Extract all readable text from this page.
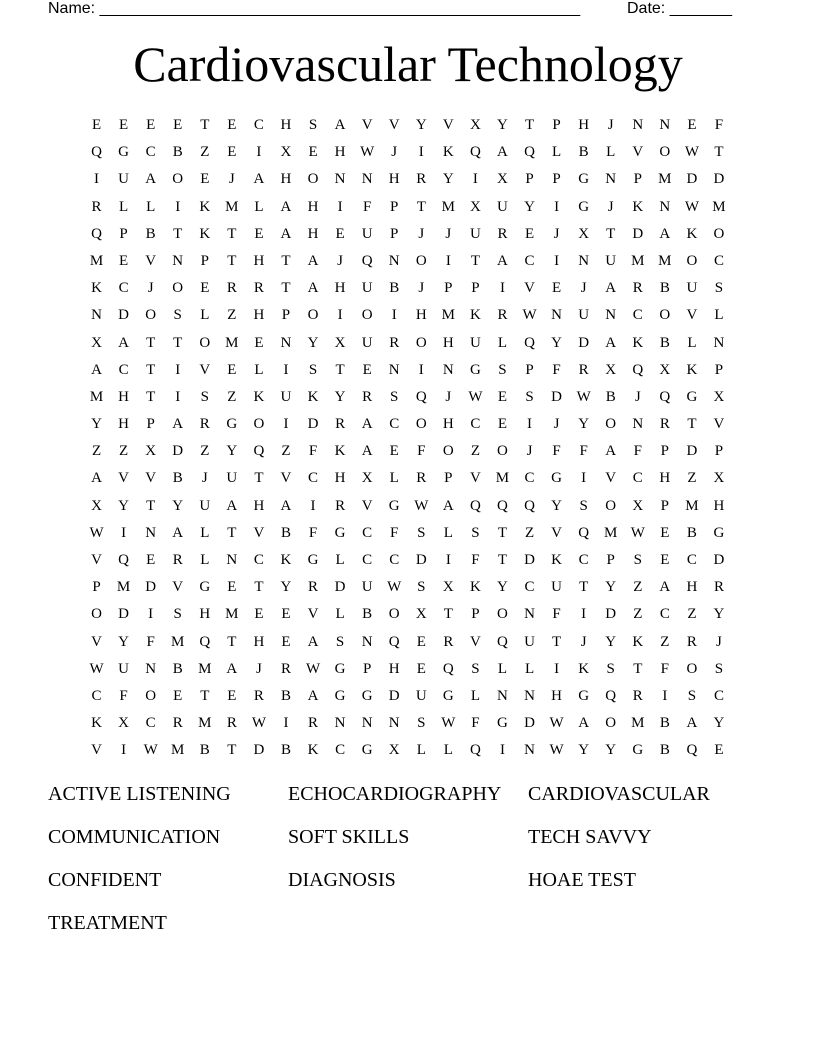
Name: ______________________________________________________

	Date: _______

Cardiovascular Technology
E E E E T E C H S A V V Y V X Y T P H J N N E F
Q G C B Z E I X E H W J I K Q A Q L B L V O W T
I U A O E J A H O N N H R Y I X P P G N P M D D
R L L I K M L A H I F P T M X U Y I G J K N W M
Q P B T K T E A H E U P J J U R E J X T D A K O
M E V N P T H T A J Q N O I T A C I N U M M O C
K C J O E R R T A H U B J P P I V E J A R B U S
N D O S L Z H P O I O I H M K R W N U N C O V L
X A T T O M E N Y X U R O H U L Q Y D A K B L N
A C T I V E L I S T E N I N G S P F R X Q X K P
M H T I S Z K U K Y R S Q J W E S D W B J Q G X
Y H P A R G O I D R A C O H C E I J Y O N R T V
Z Z X D Z Y Q Z F K A E F O Z O J F F A F P D P
A V V B J U T V C H X L R P V M C G I V C H Z X
X Y T Y U A H A I R V G W A Q Q Q Y S O X P M H
W I N A L T V B F G C F S L S T Z V Q M W E B G
V Q E R L N C K G L C C D I F T D K C P S E C D
P M D V G E T Y R D U W S X K Y C U T Y Z A H R
O D I S H M E E V L B O X T P O N F I D Z C Z Y
V Y F M Q T H E A S N Q E R V Q U T J Y K Z R J
W U N B M A J R W G P H E Q S L L I K S T F O S
C F O E T E R B A G G D U G L N N H G Q R I S C
K X C R M R W I R N N N S W F G D W A O M B A Y
V I W M B T D B K C G X L L Q I N W Y Y G B Q E
ACTIVE LISTENING	ECHOCARDIOGRAPHY CARDIOVASCULAR
COMMUNICATION	SOFT SKILLS	TECH SAVVY
CONFIDENT	DIAGNOSIS	HOAE TEST
TREATMENT
